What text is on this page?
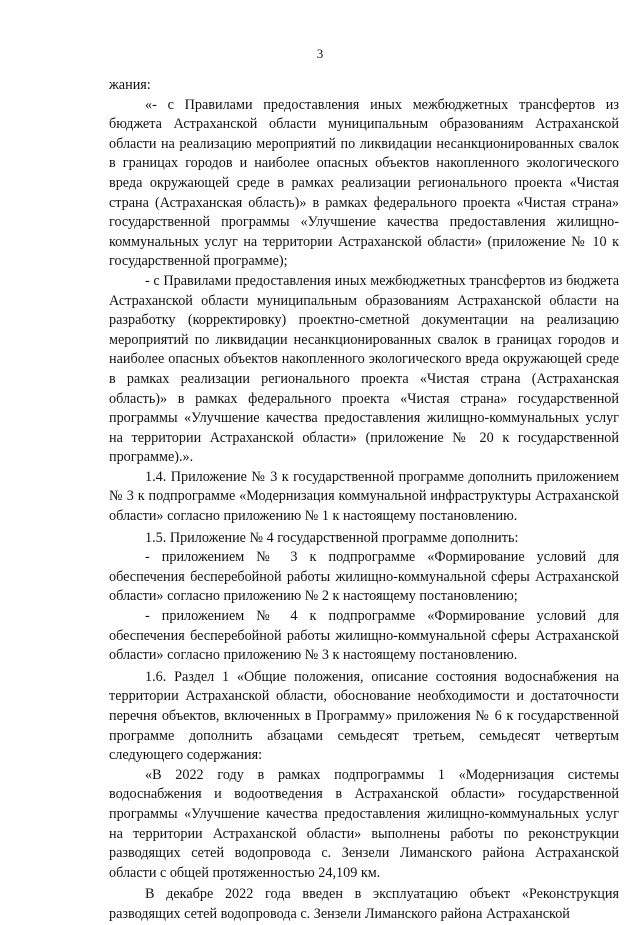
3

жания:

«- с Правилами предоставления иных межбюджетных трансфертов из бюджета Астраханской области муниципальным образованиям Астраханской области на реализацию мероприятий по ликвидации несанкционированных свалок в границах городов и наиболее опасных объектов накопленного экологического вреда окружающей среде в рамках реализации регионального проекта «Чистая страна (Астраханская область)» в рамках федерального проекта «Чистая страна» государственной программы «Улучшение качества предоставления жилищно-коммунальных услуг на территории Астраханской области» (приложение № 10 к государственной программе);

- с Правилами предоставления иных межбюджетных трансфертов из бюджета Астраханской области муниципальным образованиям Астраханской области на разработку (корректировку) проектно-сметной документации на реализацию мероприятий по ликвидации несанкционированных свалок в границах городов и наиболее опасных объектов накопленного экологического вреда окружающей среде в рамках реализации регионального проекта «Чистая страна (Астраханская область)» в рамках федерального проекта «Чистая страна» государственной программы «Улучшение качества предоставления жилищно-коммунальных услуг на территории Астраханской области» (приложение № 20 к государственной программе).».

1.4. Приложение № 3 к государственной программе дополнить приложением № 3 к подпрограмме «Модернизация коммунальной инфраструктуры Астраханской области» согласно приложению № 1 к настоящему постановлению.

1.5. Приложение № 4 государственной программе дополнить:

- приложением № 3 к подпрограмме «Формирование условий для обеспечения бесперебойной работы жилищно-коммунальной сферы Астраханской области» согласно приложению № 2 к настоящему постановлению;

- приложением № 4 к подпрограмме «Формирование условий для обеспечения бесперебойной работы жилищно-коммунальной сферы Астраханской области» согласно приложению № 3 к настоящему постановлению.

1.6. Раздел 1 «Общие положения, описание состояния водоснабжения на территории Астраханской области, обоснование необходимости и достаточности перечня объектов, включенных в Программу» приложения № 6 к государственной программе дополнить абзацами семьдесят третьем, семьдесят четвертым следующего содержания:

«В 2022 году в рамках подпрограммы 1 «Модернизация системы водоснабжения и водоотведения в Астраханской области» государственной программы «Улучшение качества предоставления жилищно-коммунальных услуг на территории Астраханской области» выполнены работы по реконструкции разводящих сетей водопровода с. Зензели Лиманского района Астраханской области с общей протяженностью 24,109 км.

В декабре 2022 года введен в эксплуатацию объект «Реконструкция разводящих сетей водопровода с. Зензели Лиманского района Астраханской
